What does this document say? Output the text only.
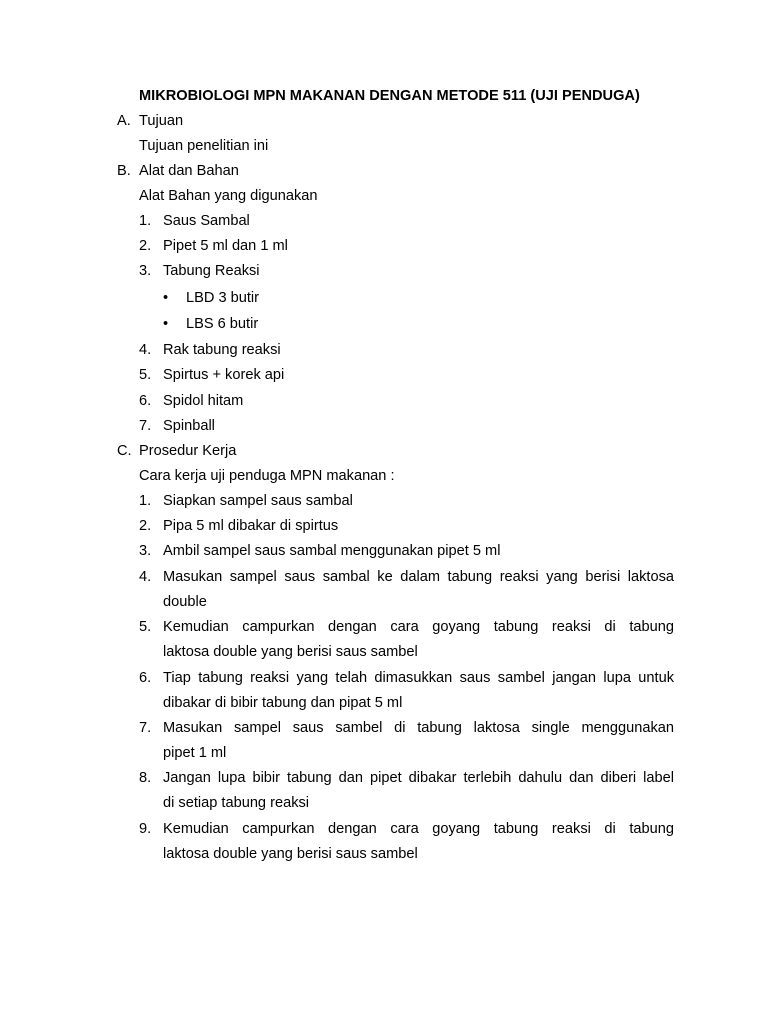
MIKROBIOLOGI MPN MAKANAN DENGAN METODE 511 (UJI PENDUGA)
A. Tujuan
Tujuan penelitian ini
B. Alat dan Bahan
Alat Bahan yang digunakan
1. Saus Sambal
2. Pipet 5 ml dan 1 ml
3. Tabung Reaksi
• LBD 3 butir
• LBS 6 butir
4. Rak tabung reaksi
5. Spirtus + korek api
6. Spidol hitam
7. Spinball
C. Prosedur Kerja
Cara kerja uji penduga MPN makanan :
1. Siapkan sampel saus sambal
2. Pipa 5 ml dibakar di spirtus
3. Ambil sampel saus sambal menggunakan pipet 5 ml
4. Masukan sampel saus sambal ke dalam tabung reaksi yang berisi laktosa
double
5. Kemudian campurkan dengan cara goyang tabung reaksi di tabung
laktosa double yang berisi saus sambel
6. Tiap tabung reaksi yang telah dimasukkan saus sambel jangan lupa untuk
dibakar di bibir tabung dan pipat 5 ml
7. Masukan sampel saus sambel di tabung laktosa single menggunakan
pipet 1 ml
8. Jangan lupa bibir tabung dan pipet dibakar terlebih dahulu dan diberi label
di setiap tabung reaksi
9. Kemudian campurkan dengan cara goyang tabung reaksi di tabung
laktosa double yang berisi saus sambel
